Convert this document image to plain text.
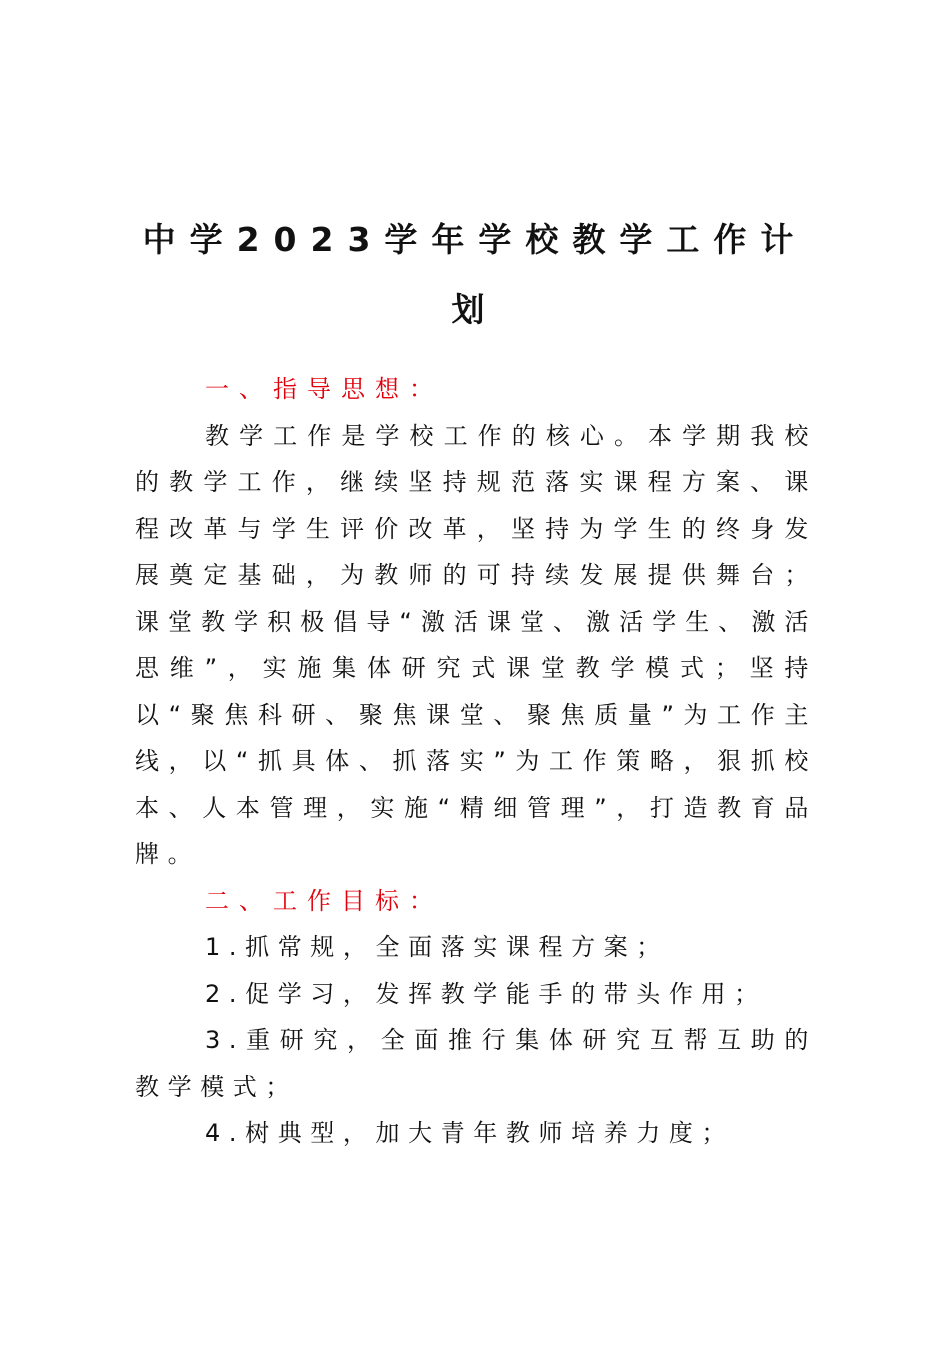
中学2023学年学校教学工作计
划

一、指导思想：

教学工作是学校工作的核心。本学期我校的教学工作，继续坚持规范落实课程方案、课程改革与学生评价改革，坚持为学生的终身发展奠定基础，为教师的可持续发展提供舞台；课堂教学积极倡导“激活课堂、激活学生、激活思维”，实施集体研究式课堂教学模式；坚持以“聚焦科研、聚焦课堂、聚焦质量”为工作主线，以“抓具体、抓落实”为工作策略，狠抓校本、人本管理，实施“精细管理”，打造教育品牌。

二、工作目标：

1.抓常规，全面落实课程方案；

2.促学习，发挥教学能手的带头作用；

3.重研究，全面推行集体研究互帮互助的教学模式；

4.树典型，加大青年教师培养力度；
